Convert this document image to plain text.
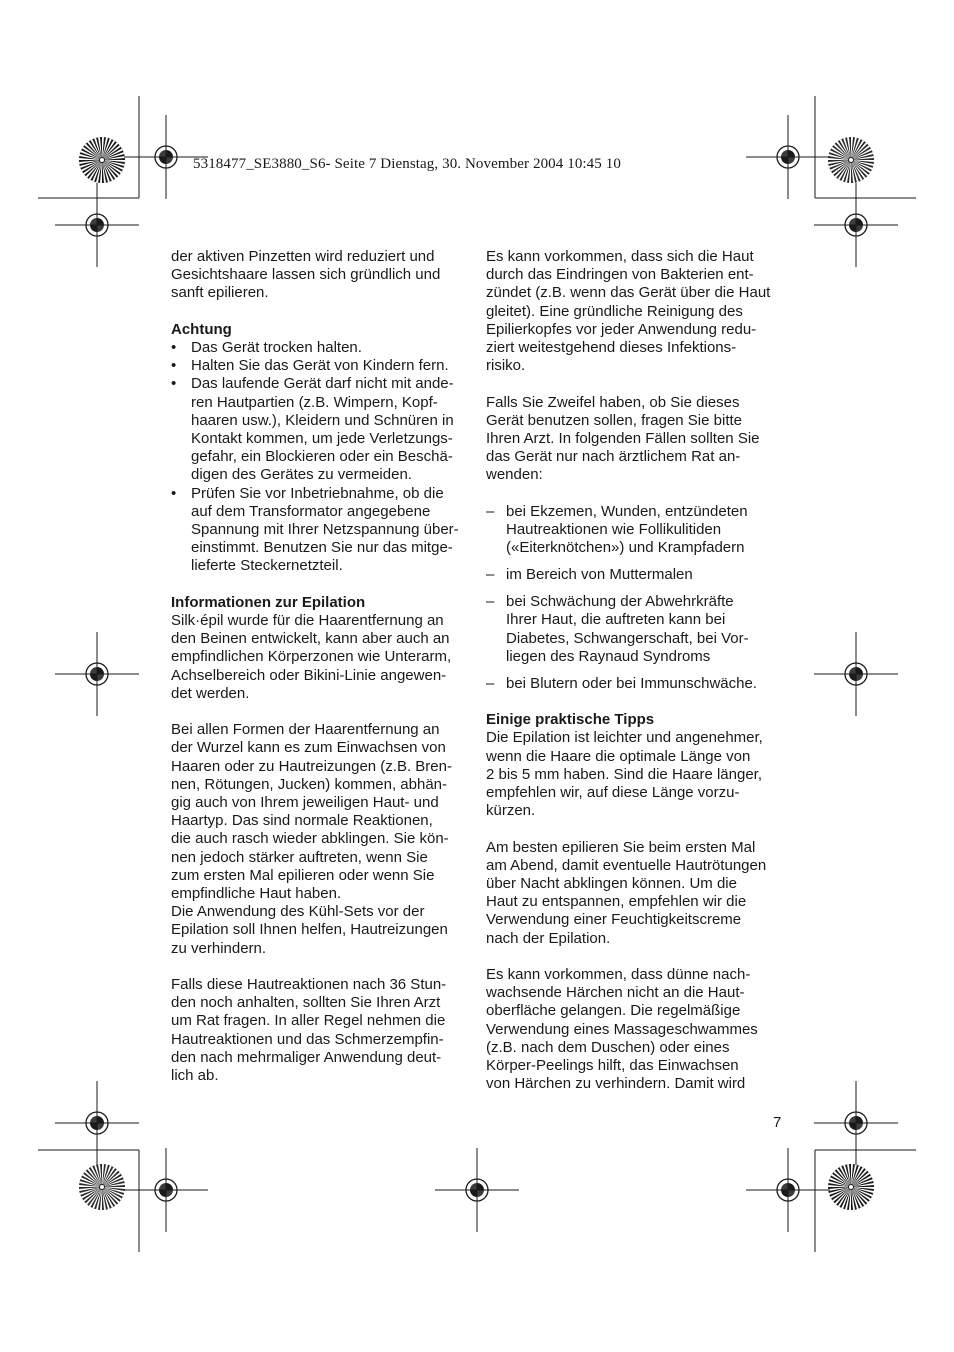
5318477_SE3880_S6- Seite 7 Dienstag, 30. November 2004 10:45 10
der aktiven Pinzetten wird reduziert und
Gesichtshaare lassen sich gründlich und
sanft epilieren.
Achtung
• Das Gerät trocken halten.
• Halten Sie das Gerät von Kindern fern.
• Das laufende Gerät darf nicht mit ande-
ren Hautpartien (z.B. Wimpern, Kopf-
haaren usw.), Kleidern und Schnüren in
Kontakt kommen, um jede Verletzungs-
gefahr, ein Blockieren oder ein Beschä-
digen des Gerätes zu vermeiden.
• Prüfen Sie vor Inbetriebnahme, ob die
auf dem Transformator angegebene
Spannung mit Ihrer Netzspannung über-
einstimmt. Benutzen Sie nur das mitge-
lieferte Steckernetzteil.
Informationen zur Epilation
Silk·épil wurde für die Haarentfernung an
den Beinen entwickelt, kann aber auch an
empfindlichen Körperzonen wie Unterarm,
Achselbereich oder Bikini-Linie angewen-
det werden.
Bei allen Formen der Haarentfernung an
der Wurzel kann es zum Einwachsen von
Haaren oder zu Hautreizungen (z.B. Bren-
nen, Rötungen, Jucken) kommen, abhän-
gig auch von Ihrem jeweiligen Haut- und
Haartyp. Das sind normale Reaktionen,
die auch rasch wieder abklingen. Sie kön-
nen jedoch stärker auftreten, wenn Sie
zum ersten Mal epilieren oder wenn Sie
empfindliche Haut haben.
Die Anwendung des Kühl-Sets vor der
Epilation soll Ihnen helfen, Hautreizungen
zu verhindern.
Falls diese Hautreaktionen nach 36 Stun-
den noch anhalten, sollten Sie Ihren Arzt
um Rat fragen. In aller Regel nehmen die
Hautreaktionen und das Schmerzempfin-
den nach mehrmaliger Anwendung deut-
lich ab.
Es kann vorkommen, dass sich die Haut
durch das Eindringen von Bakterien ent-
zündet (z.B. wenn das Gerät über die Haut
gleitet). Eine gründliche Reinigung des
Epilierkopfes vor jeder Anwendung redu-
ziert weitestgehend dieses Infektions-
risiko.
Falls Sie Zweifel haben, ob Sie dieses
Gerät benutzen sollen, fragen Sie bitte
Ihren Arzt. In folgenden Fällen sollten Sie
das Gerät nur nach ärztlichem Rat an-
wenden:
– bei Ekzemen, Wunden, entzündeten
Hautreaktionen wie Follikulitiden
(«Eiterknötchen») und Krampfadern
– im Bereich von Muttermalen
– bei Schwächung der Abwehrkräfte
Ihrer Haut, die auftreten kann bei
Diabetes, Schwangerschaft, bei Vor-
liegen des Raynaud Syndroms
– bei Blutern oder bei Immunschwäche.
Einige praktische Tipps
Die Epilation ist leichter und angenehmer,
wenn die Haare die optimale Länge von
2 bis 5 mm haben. Sind die Haare länger,
empfehlen wir, auf diese Länge vorzu-
kürzen.
Am besten epilieren Sie beim ersten Mal
am Abend, damit eventuelle Hautrötungen
über Nacht abklingen können. Um die
Haut zu entspannen, empfehlen wir die
Verwendung einer Feuchtigkeitscreme
nach der Epilation.
Es kann vorkommen, dass dünne nach-
wachsende Härchen nicht an die Haut-
oberfläche gelangen. Die regelmäßige
Verwendung eines Massageschwammes
(z.B. nach dem Duschen) oder eines
Körper-Peelings hilft, das Einwachsen
von Härchen zu verhindern. Damit wird
7
